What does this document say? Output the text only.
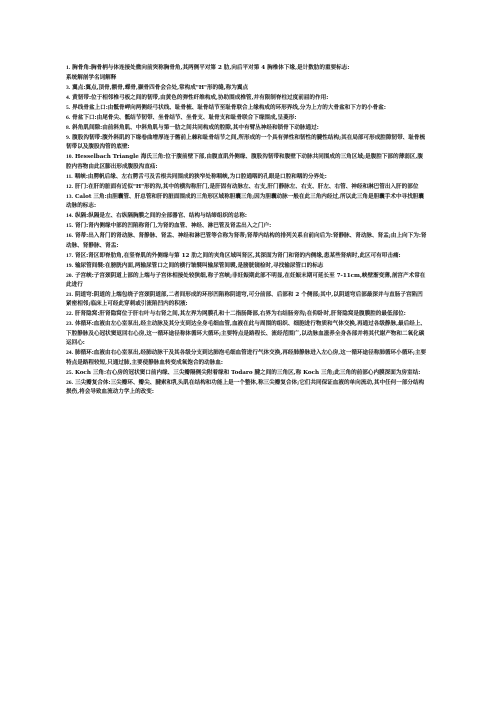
1. 胸骨角:胸骨柄与体连接处微向前突称胸骨角,其两侧平对第 2 肋,向后平对第 4 胸椎体下缘,是计数肋的重要标志:
系统解剖学名词解释
3. 翼点:翼点,顶骨,额骨,蝶骨,颞骨四骨会合处,常构成"H"形的缝,称为翼点
4. 黄韧带:位于相邻椎弓板之间的韧带,由黄色的弹性纤维构成,协助围成椎管,并有限制脊柱过度前屈的作用:
5. 界线骨盆上口:由骶骨岬向两侧经弓状线、耻骨梳、耻骨结节至耻骨联合上缘构成的环形界线,分为上方的大骨盆和下方的小骨盆:
6. 骨盆下口:由尾骨尖、骶结节韧带、坐骨结节、坐骨支、耻骨支和耻骨联合下缘围成,呈菱形:
8. 斜角肌间隙:由前斜角肌、中斜角肌与第一肋之间共同构成的腔隙,其中有臂丛神经和锁骨下动脉通过:
9. 腹股沟韧带:腹外斜肌的下缘卷曲增厚连于髂前上棘和耻骨结节之间,所形成的一个具有弹性和韧性的腱性结构;其在局部可形成腔隙韧带、耻骨梳韧带以及腹股沟管的底壁:
10. Hesselbach Triangle 海氏三角:位于腹前壁下部,由腹直肌外侧缘、腹股沟韧带和腹壁下动脉共同围成的三角区域;是腹腔下部的薄弱区,腹腔内容物由此区膨出形成腹股沟直疝:
11. 咽峡:由腭帆后缘、左右腭舌弓及舌根共同围成的狭窄处称咽峡,为口腔通咽的孔眼是口腔和咽的分界处:
12. 肝门:在肝的脏面有近似"H"形的沟,其中的横沟称肝门,是肝固有动脉左、右支,肝门静脉左、右支、肝左、右管、神经和淋巴管出入肝的部位
13. Calot 三角:由胆囊管、肝总管和肝的脏面围成的三角形区域称胆囊三角;因为胆囊动脉一般在此三角内经过,所以此三角是胆囊手术中寻找胆囊动脉的标志:
14. 纵隔:纵隔是左、右纵隔胸膜之间的全部器官、结构与结缔组织的总称:
15. 肾门:肾内侧缘中部的凹陷称肾门,为肾的血管、神经、淋巴管及肾盂出入之门户:
16. 肾蒂:出入肾门的肾动脉、肾静脉、肾盂、神经和淋巴管等合称为肾蒂;肾蒂内结构的排列关系自前向后为:肾静脉、肾动脉、肾盂;由上向下为:肾动脉、肾静脉、肾盂:
17. 肾区:肾区即脊肋角,在竖脊肌的外侧缘与第 12 肋之间的夹角区域叫肾区,其深面为肾门和肾的内侧缘,患某些肾病时,此区可有叩击痛:
19. 输尿管间襞:在膀胱内面,两输尿管口之间的横行皱襞叫输尿管间襞,是膀胱镜检时,寻找输尿管口的标志
20. 子宫峡:子宫颈阴道上部的上端与子宫体相接处较狭细,称子宫峡;非妊娠期此部不明显,在妊娠末期可延长至 7-11cm,峡壁渐变薄,剖宫产术常在此进行
21. 阴道穹:阴道的上端包绕子宫颈阴道部,二者间形成的环形凹陷称阴道穹,可分前部、后部和 2 个侧部;其中,以阴道穹后部最深并与直肠子宫陷凹紧密相邻;临床上可经此穿刺或引流陷凹内的积液:
22. 肝肾隐窝:肝肾隐窝位于肝右叶与右肾之间,其左界为网膜孔和十二指肠降部,右界为右结肠旁沟;在仰卧时,肝肾隐窝是腹膜腔的最低部位:
23. 体循环:血液由左心室泵出,经主动脉及其分支到达全身毛细血管,血液在此与周围的组织、细胞进行物质和气体交换,再通过各级静脉,最后经上、下腔静脉及心冠状窦返回右心房,这一循环途径称体循环大循环;主要特点是路程长、流经范围广,以动脉血滋养全身各部并将其代谢产物和二氧化碳运回心:
24. 肺循环:血液由右心室泵出,经肺动脉干及其各级分支到达肺泡毛细血管进行气体交换,再经肺静脉进入左心房,这一循环途径称肺循环小循环;主要特点是路程较短,只通过肺,主要使静脉血转变成氧饱合的动脉血:
25. Koch 三角:右心房的冠状窦口前内缘、三尖瓣隔侧尖附着缘和 Todaro 腱之间的三角区,称 Koch 三角;此三角的前部心内膜深面为房室结:
26. 三尖瓣复合体:三尖瓣环、瓣尖、腱索和乳头肌在结构和功能上是一个整体,称三尖瓣复合体;它们共同保证血液的单向流动,其中任何一部分结构损伤,将会导致血流动力学上的改变:
